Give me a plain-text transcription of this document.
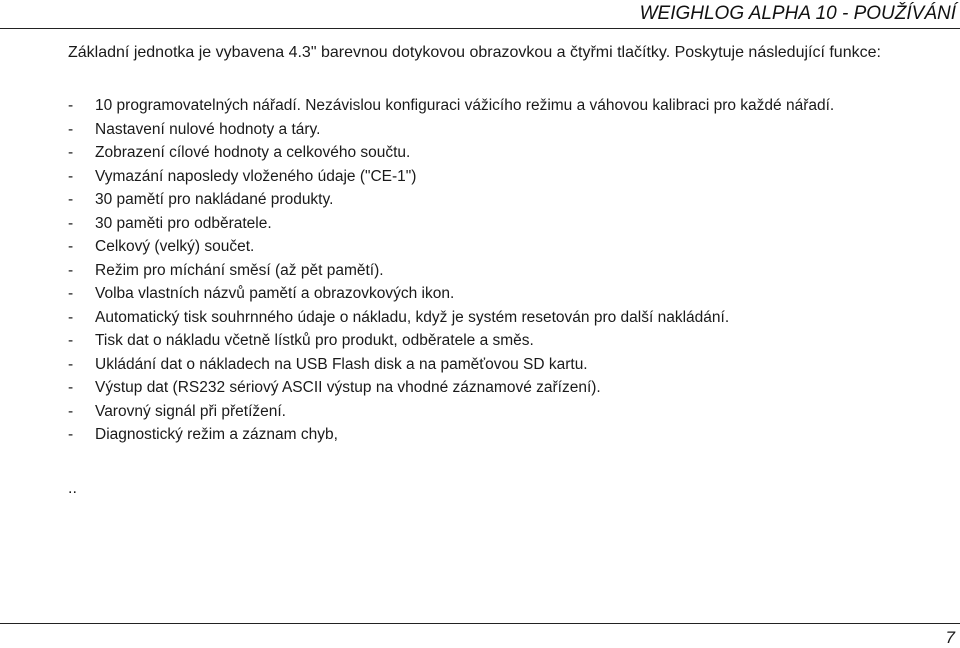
WEIGHLOG ALPHA 10 - POUŽÍVÁNÍ
Základní jednotka je vybavena 4.3" barevnou dotykovou obrazovkou a čtyřmi tlačítky. Poskytuje následující funkce:
- 10 programovatelných nářadí. Nezávislou konfiguraci vážicího režimu a váhovou kalibraci pro každé nářadí.
- Nastavení nulové hodnoty a táry.
- Zobrazení cílové hodnoty a celkového součtu.
- Vymazání naposledy vloženého údaje ("CE-1")
- 30 pamětí pro nakládané produkty.
- 30 paměti pro odběratele.
- Celkový (velký) součet.
- Režim pro míchání směsí (až pět pamětí).
- Volba vlastních názvů pamětí a obrazovkových ikon.
- Automatický tisk souhrnného údaje o nákladu, když je systém resetován pro další nakládání.
- Tisk dat o nákladu včetně lístků pro produkt, odběratele a směs.
- Ukládání dat o nákladech na USB Flash disk a na paměťovou SD kartu.
- Výstup dat (RS232 sériový ASCII výstup na vhodné záznamové zařízení).
- Varovný signál při přetížení.
- Diagnostický režim a záznam chyb,
..
7
